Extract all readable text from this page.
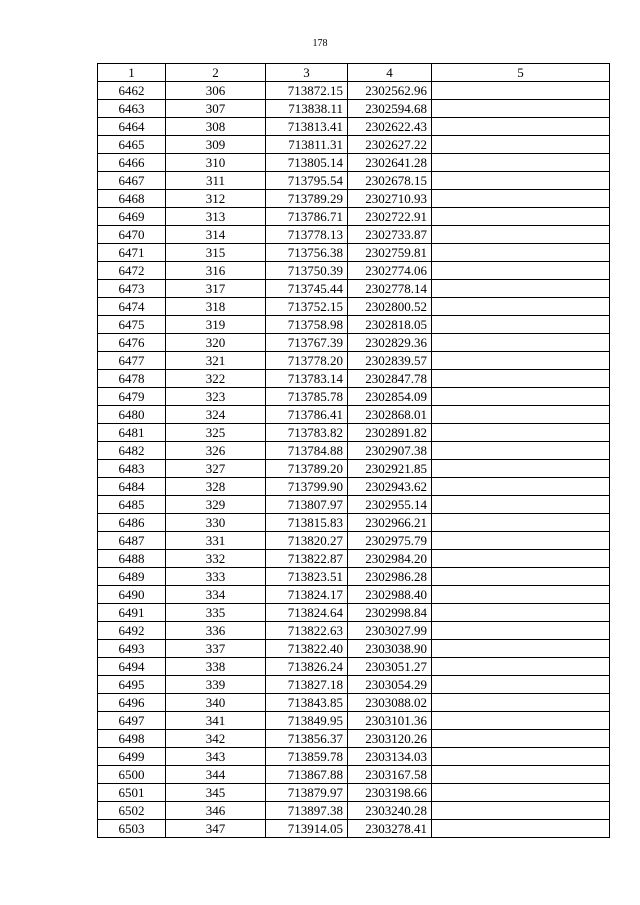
178
1	2	3	4	5
6462	306	713872.15	2302562.96	
6463	307	713838.11	2302594.68	
6464	308	713813.41	2302622.43	
6465	309	713811.31	2302627.22	
6466	310	713805.14	2302641.28	
6467	311	713795.54	2302678.15	
6468	312	713789.29	2302710.93	
6469	313	713786.71	2302722.91	
6470	314	713778.13	2302733.87	
6471	315	713756.38	2302759.81	
6472	316	713750.39	2302774.06	
6473	317	713745.44	2302778.14	
6474	318	713752.15	2302800.52	
6475	319	713758.98	2302818.05	
6476	320	713767.39	2302829.36	
6477	321	713778.20	2302839.57	
6478	322	713783.14	2302847.78	
6479	323	713785.78	2302854.09	
6480	324	713786.41	2302868.01	
6481	325	713783.82	2302891.82	
6482	326	713784.88	2302907.38	
6483	327	713789.20	2302921.85	
6484	328	713799.90	2302943.62	
6485	329	713807.97	2302955.14	
6486	330	713815.83	2302966.21	
6487	331	713820.27	2302975.79	
6488	332	713822.87	2302984.20	
6489	333	713823.51	2302986.28	
6490	334	713824.17	2302988.40	
6491	335	713824.64	2302998.84	
6492	336	713822.63	2303027.99	
6493	337	713822.40	2303038.90	
6494	338	713826.24	2303051.27	
6495	339	713827.18	2303054.29	
6496	340	713843.85	2303088.02	
6497	341	713849.95	2303101.36	
6498	342	713856.37	2303120.26	
6499	343	713859.78	2303134.03	
6500	344	713867.88	2303167.58	
6501	345	713879.97	2303198.66	
6502	346	713897.38	2303240.28	
6503	347	713914.05	2303278.41	
